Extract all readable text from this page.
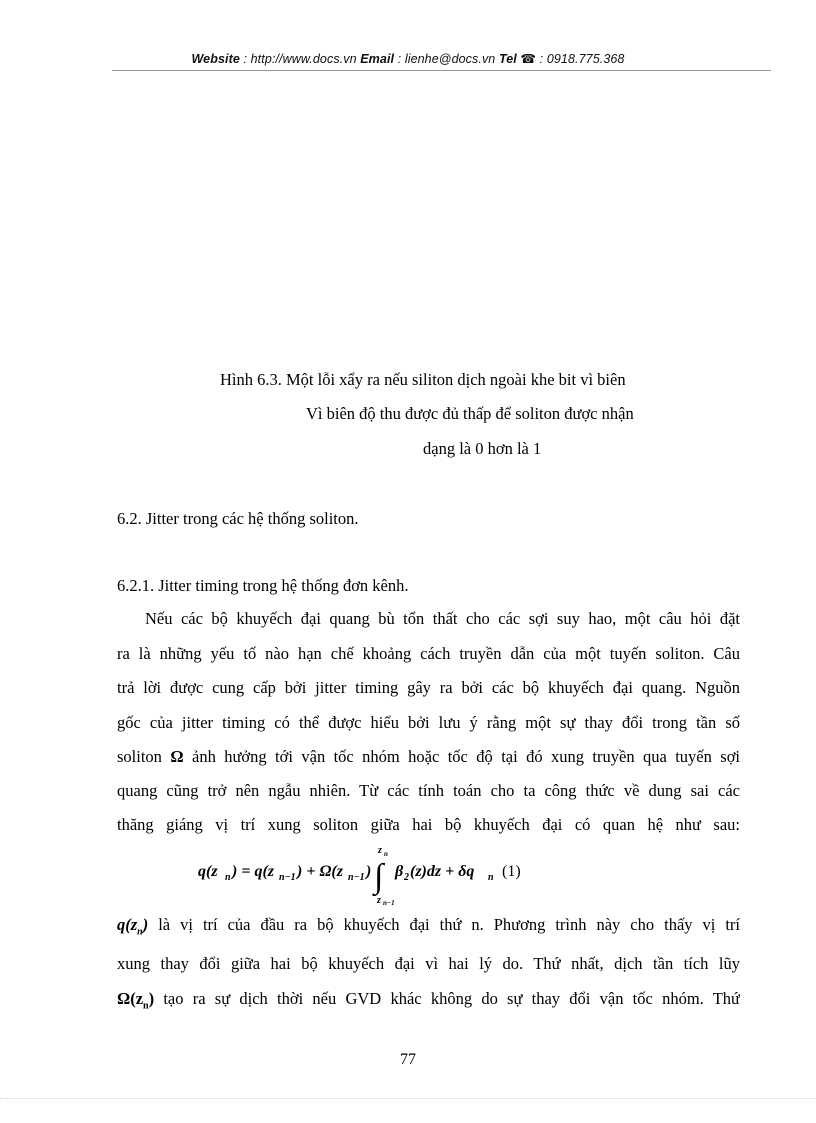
Website : http://www.docs.vn Email : lienhe@docs.vn Tel ☎ : 0918.775.368
Hình 6.3. Một lỗi xẩy ra nếu siliton dịch ngoài khe bit vì biên
Vì biên độ thu được đủ thấp để soliton được nhận
dạng là 0 hơn là 1
6.2. Jitter trong các hệ thống soliton.
6.2.1. Jitter timing trong hệ thống đơn kênh.
Nếu các bộ khuyếch đại quang bù tổn thất cho các sợi suy hao, một câu hỏi đặt
ra là những yếu tố nào hạn chế khoảng cách truyền dẫn của một tuyến soliton. Câu
trả lời được cung cấp bởi jitter timing gây ra bởi các bộ khuyếch đại quang. Nguồn
gốc của jitter timing có thể được hiểu bởi lưu ý rằng một sự thay đổi trong tần số
soliton Ω ảnh hưởng tới vận tốc nhóm hoặc tốc độ tại đó xung truyền qua tuyến sợi
quang cũng trở nên ngẫu nhiên. Từ các tính toán cho ta công thức về dung sai các
thăng giáng vị trí xung soliton giữa hai bộ khuyếch đại có quan hệ như sau:
q(z n ) = q(z n−1 ) + Ω(z n−1 ) ∫
z n
z n−1
β 2 (z)dz + δq n (1)
$q(z_n)$ là vị trí của đầu ra bộ khuyếch đại thứ n. Phương trình này cho thấy vị trí
xung thay đổi giữa hai bộ khuyếch đại vì hai lý do. Thứ nhất, dịch tần tích lũy
$\Omega(z_n)$ tạo ra sự dịch thời nếu GVD khác không do sự thay đổi vận tốc nhóm. Thứ
77
